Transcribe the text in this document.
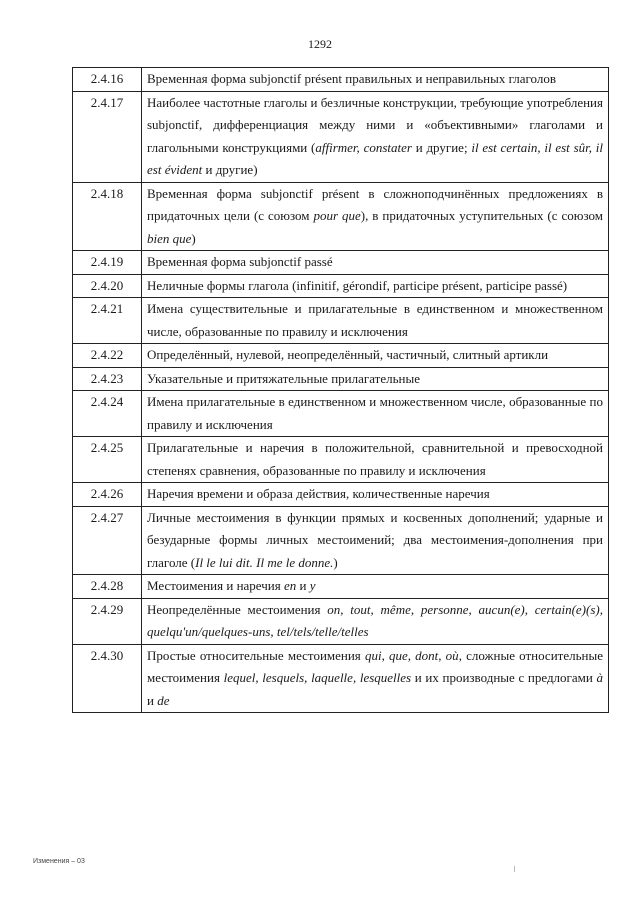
1292
2.4.16	Временная форма subjonctif présent правильных и неправильных глаголов
2.4.17	Наиболее частотные глаголы и безличные конструкции, требующие употребления subjonctif, дифференциация между ними и «объективными» глаголами и глагольными конструкциями (affirmer, constater и другие; il est certain, il est sûr, il est évident и другие)
2.4.18	Временная форма subjonctif présent в сложноподчинённых предложениях в придаточных цели (с союзом pour que), в придаточных уступительных (с союзом bien que)
2.4.19	Временная форма subjonctif passé
2.4.20	Неличные формы глагола (infinitif, gérondif, participe présent, participe passé)
2.4.21	Имена существительные и прилагательные в единственном и множественном числе, образованные по правилу и исключения
2.4.22	Определённый, нулевой, неопределённый, частичный, слитный артикли
2.4.23	Указательные и притяжательные прилагательные
2.4.24	Имена прилагательные в единственном и множественном числе, образованные по правилу и исключения
2.4.25	Прилагательные и наречия в положительной, сравнительной и превосходной степенях сравнения, образованные по правилу и исключения
2.4.26	Наречия времени и образа действия, количественные наречия
2.4.27	Личные местоимения в функции прямых и косвенных дополнений; ударные и безударные формы личных местоимений; два местоимения-дополнения при глаголе (Il le lui dit. Il me le donne.)
2.4.28	Местоимения и наречия en и y
2.4.29	Неопределённые местоимения on, tout, même, personne, aucun(e), certain(e)(s), quelqu'un/quelques-uns, tel/tels/telle/telles
2.4.30	Простые относительные местоимения qui, que, dont, où, сложные относительные местоимения lequel, lesquels, laquelle, lesquelles и их производные с предлогами à и de
Изменения – 03
